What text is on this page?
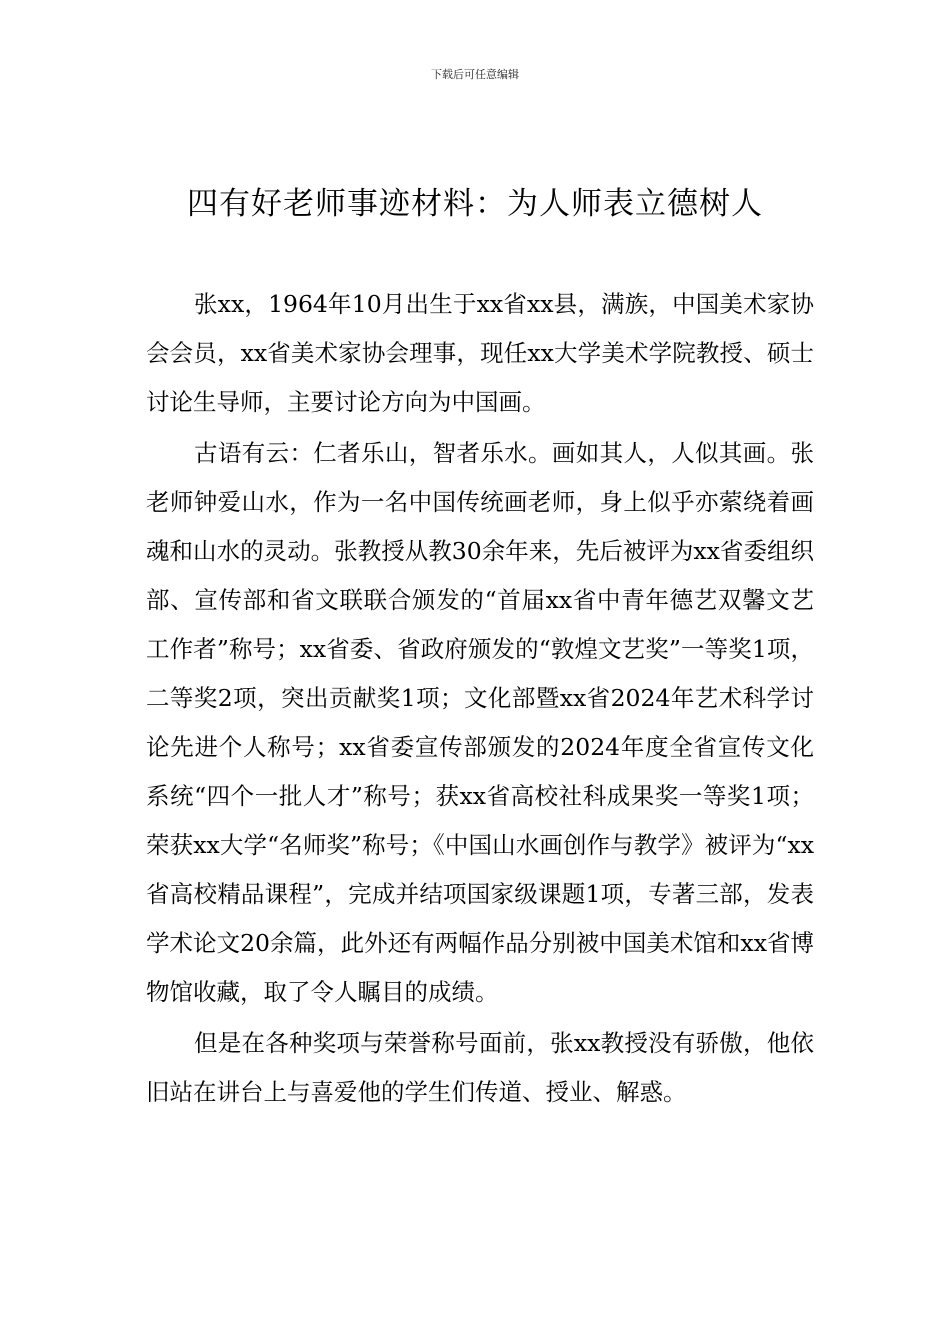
下载后可任意编辑
四有好老师事迹材料：为人师表立德树人

张xx，1964年10月出生于xx省xx县，满族，中国美术家协会会员，xx省美术家协会理事，现任xx大学美术学院教授、硕士讨论生导师，主要讨论方向为中国画。

古语有云：仁者乐山，智者乐水。画如其人，人似其画。张老师钟爱山水，作为一名中国传统画老师，身上似乎亦萦绕着画魂和山水的灵动。张教授从教30余年来，先后被评为xx省委组织部、宣传部和省文联联合颁发的“首届xx省中青年德艺双馨文艺工作者”称号；xx省委、省政府颁发的“敦煌文艺奖”一等奖1项，二等奖2项，突出贡献奖1项；文化部暨xx省2024年艺术科学讨论先进个人称号；xx省委宣传部颁发的2024年度全省宣传文化系统“四个一批人才”称号；获xx省高校社科成果奖一等奖1项；荣获xx大学“名师奖”称号；《中国山水画创作与教学》被评为“xx省高校精品课程”，完成并结项国家级课题1项，专著三部，发表学术论文20余篇，此外还有两幅作品分别被中国美术馆和xx省博物馆收藏，取了令人瞩目的成绩。

但是在各种奖项与荣誉称号面前，张xx教授没有骄傲，他依旧站在讲台上与喜爱他的学生们传道、授业、解惑。
